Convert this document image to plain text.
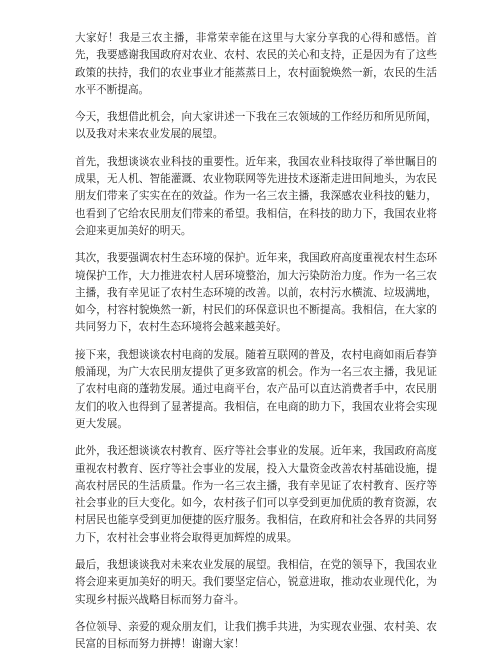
大家好！我是三农主播，非常荣幸能在这里与大家分享我的心得和感悟。首先，我要感谢我国政府对农业、农村、农民的关心和支持，正是因为有了这些政策的扶持，我们的农业事业才能蒸蒸日上，农村面貌焕然一新，农民的生活水平不断提高。

今天，我想借此机会，向大家讲述一下我在三农领域的工作经历和所见所闻，以及我对未来农业发展的展望。

首先，我想谈谈农业科技的重要性。近年来，我国农业科技取得了举世瞩目的成果，无人机、智能灌溉、农业物联网等先进技术逐渐走进田间地头，为农民朋友们带来了实实在在的效益。作为一名三农主播，我深感农业科技的魅力，也看到了它给农民朋友们带来的希望。我相信，在科技的助力下，我国农业将会迎来更加美好的明天。

其次，我要强调农村生态环境的保护。近年来，我国政府高度重视农村生态环境保护工作，大力推进农村人居环境整治，加大污染防治力度。作为一名三农主播，我有幸见证了农村生态环境的改善。以前，农村污水横流、垃圾满地，如今，村容村貌焕然一新，村民们的环保意识也不断提高。我相信，在大家的共同努力下，农村生态环境将会越来越美好。

接下来，我想谈谈农村电商的发展。随着互联网的普及，农村电商如雨后春笋般涌现，为广大农民朋友提供了更多致富的机会。作为一名三农主播，我见证了农村电商的蓬勃发展。通过电商平台，农产品可以直达消费者手中，农民朋友们的收入也得到了显著提高。我相信，在电商的助力下，我国农业将会实现更大发展。

此外，我还想谈谈农村教育、医疗等社会事业的发展。近年来，我国政府高度重视农村教育、医疗等社会事业的发展，投入大量资金改善农村基础设施，提高农村居民的生活质量。作为一名三农主播，我有幸见证了农村教育、医疗等社会事业的巨大变化。如今，农村孩子们可以享受到更加优质的教育资源，农村居民也能享受到更加便捷的医疗服务。我相信，在政府和社会各界的共同努力下，农村社会事业将会取得更加辉煌的成果。

最后，我想谈谈我对未来农业发展的展望。我相信，在党的领导下，我国农业将会迎来更加美好的明天。我们要坚定信心，锐意进取，推动农业现代化，为实现乡村振兴战略目标而努力奋斗。

各位领导、亲爱的观众朋友们，让我们携手共进，为实现农业强、农村美、农民富的目标而努力拼搏！谢谢大家！
